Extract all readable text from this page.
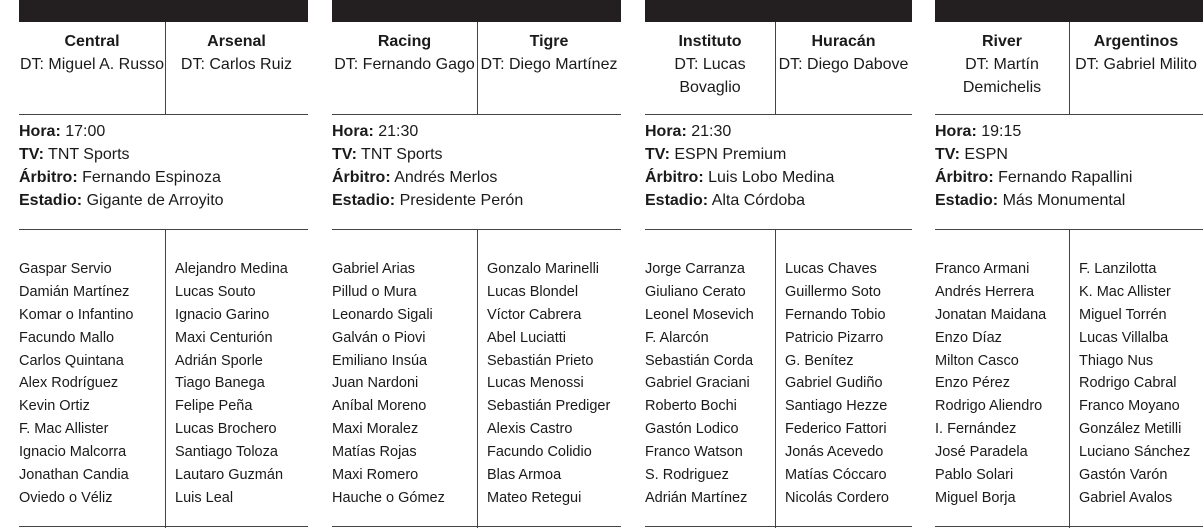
Central
DT: Miguel A. Russo
Arsenal
DT: Carlos Ruiz
Hora: 17:00
TV: TNT Sports
Árbitro: Fernando Espinoza
Estadio: Gigante de Arroyito
Gaspar Servio
Damián Martínez
Komar o Infantino
Facundo Mallo
Carlos Quintana
Alex Rodríguez
Kevin Ortiz
F. Mac Allister
Ignacio Malcorra
Jonathan Candia
Oviedo o Véliz
Alejandro Medina
Lucas Souto
Ignacio Garino
Maxi Centurión
Adrián Sporle
Tiago Banega
Felipe Peña
Lucas Brochero
Santiago Toloza
Lautaro Guzmán
Luis Leal
Racing
DT: Fernando Gago
Tigre
DT: Diego Martínez
Hora: 21:30
TV: TNT Sports
Árbitro: Andrés Merlos
Estadio: Presidente Perón
Gabriel Arias
Pillud o Mura
Leonardo Sigali
Galván o Piovi
Emiliano Insúa
Juan Nardoni
Aníbal Moreno
Maxi Moralez
Matías Rojas
Maxi Romero
Hauche o Gómez
Gonzalo Marinelli
Lucas Blondel
Víctor Cabrera
Abel Luciatti
Sebastián Prieto
Lucas Menossi
Sebastián Prediger
Alexis Castro
Facundo Colidio
Blas Armoa
Mateo Retegui
Instituto
DT: Lucas Bovaglio
Huracán
DT: Diego Dabove
Hora: 21:30
TV: ESPN Premium
Árbitro: Luis Lobo Medina
Estadio: Alta Córdoba
Jorge Carranza
Giuliano Cerato
Leonel Mosevich
F. Alarcón
Sebastián Corda
Gabriel Graciani
Roberto Bochi
Gastón Lodico
Franco Watson
S. Rodriguez
Adrián Martínez
Lucas Chaves
Guillermo Soto
Fernando Tobio
Patricio Pizarro
G. Benítez
Gabriel Gudiño
Santiago Hezze
Federico Fattori
Jonás Acevedo
Matías Cóccaro
Nicolás Cordero
River
DT: Martín Demichelis
Argentinos
DT: Gabriel Milito
Hora: 19:15
TV: ESPN
Árbitro: Fernando Rapallini
Estadio: Más Monumental
Franco Armani
Andrés Herrera
Jonatan Maidana
Enzo Díaz
Milton Casco
Enzo Pérez
Rodrigo Aliendro
I. Fernández
José Paradela
Pablo Solari
Miguel Borja
F. Lanzilotta
K. Mac Allister
Miguel Torrén
Lucas Villalba
Thiago Nus
Rodrigo Cabral
Franco Moyano
González Metilli
Luciano Sánchez
Gastón Varón
Gabriel Avalos
